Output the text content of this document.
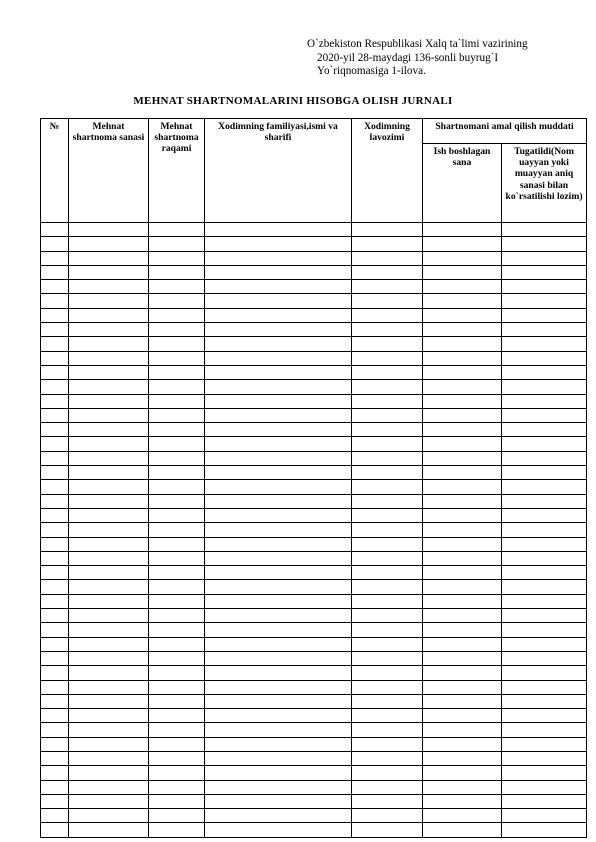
O`zbekiston Respublikasi Xalq ta`limi vazirining
2020-yil 28-maydagi 136-sonli buyrug`I
Yo`riqnomasiga 1-ilova.
MEHNAT SHARTNOMALARINI HISOBGA OLISH JURNALI
№	Mehnat shartnoma sanasi	Mehnat shartnoma raqami	Xodimning familiyasi,ismi va sharifi	Xodimning lavozimi	Shartnomani amal qilish muddati	
					Ish boshlagan sana	Tugatildi(Nom uayyan yoki muayyan aniq sanasi bilan ko`rsatilishi lozim)
